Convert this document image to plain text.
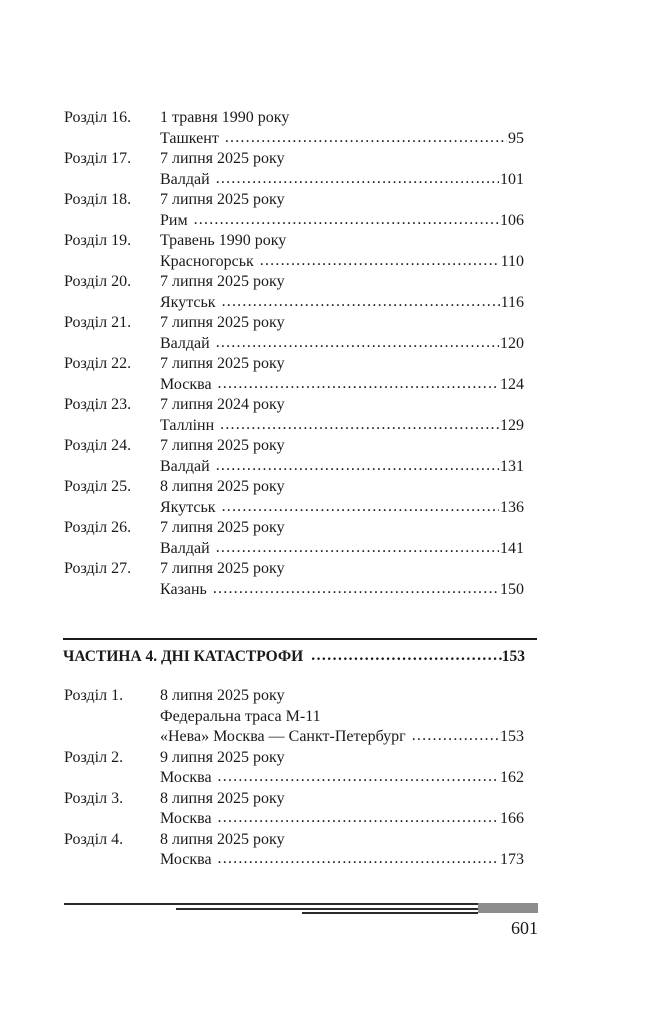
Розділ 16.	1 травня 1990 року
Ташкент . . .	95
Розділ 17.	7 липня 2025 року
Валдай . . .	101
Розділ 18.	7 липня 2025 року
Рим . . .	106
Розділ 19.	Травень 1990 року
Красногорськ . . .	110
Розділ 20.	7 липня 2025 року
Якутськ . . .	116
Розділ 21.	7 липня 2025 року
Валдай . . .	120
Розділ 22.	7 липня 2025 року
Москва . . .	124
Розділ 23.	7 липня 2024 року
Таллінн . . .	129
Розділ 24.	7 липня 2025 року
Валдай . . .	131
Розділ 25.	8 липня 2025 року
Якутськ . . .	136
Розділ 26.	7 липня 2025 року
Валдай . . .	141
Розділ 27.	7 липня 2025 року
Казань . . .	150
ЧАСТИНА 4. ДНІ КАТАСТРОФИ . . .	153
Розділ 1.	8 липня 2025 року
Федеральна траса М-11
«Нева» Москва — Санкт-Петербург . . .	153
Розділ 2.	9 липня 2025 року
Москва . . .	162
Розділ 3.	8 липня 2025 року
Москва . . .	166
Розділ 4.	8 липня 2025 року
Москва . . .	173
601
